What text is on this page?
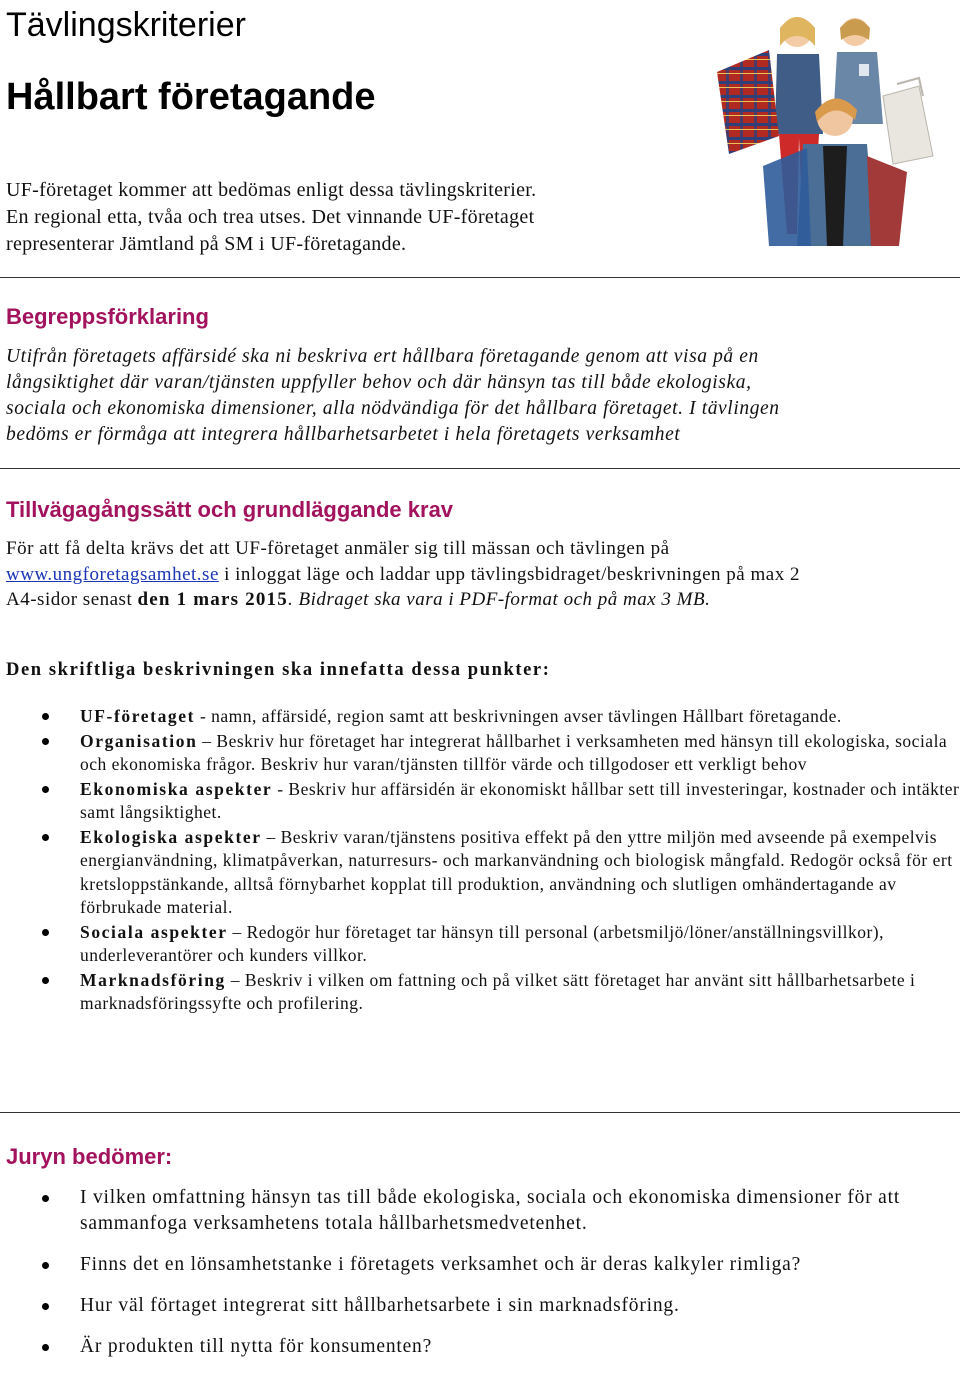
Tävlingskriterier
Hållbart företagande
UF-företaget kommer att bedömas enligt dessa tävlingskriterier.
En regional etta, tvåa och trea utses. Det vinnande UF-företaget
representerar Jämtland på SM i UF-företagande.
Begreppsförklaring
Utifrån företagets affärsidé ska ni beskriva ert hållbara företagande genom att visa på en
långsiktighet där varan/tjänsten uppfyller behov och där hänsyn tas till både ekologiska,
sociala och ekonomiska dimensioner, alla nödvändiga för det hållbara företaget. I tävlingen
bedöms er förmåga att integrera hållbarhetsarbetet i hela företagets verksamhet
Tillvägagångssätt och grundläggande krav
För att få delta krävs det att UF-företaget anmäler sig till mässan och tävlingen på
www.ungforetagsamhet.se i inloggat läge och laddar upp tävlingsbidraget/beskrivningen på max 2
A4-sidor senast den 1 mars 2015. Bidraget ska vara i PDF-format och på max 3 MB.
Den skriftliga beskrivningen ska innefatta dessa punkter:
UF-företaget - namn, affärsidé, region samt att beskrivningen avser tävlingen Hållbart företagande.
Organisation – Beskriv hur företaget har integrerat hållbarhet i verksamheten med hänsyn till ekologiska, sociala och ekonomiska frågor. Beskriv hur varan/tjänsten tillför värde och tillgodoser ett verkligt behov
Ekonomiska aspekter - Beskriv hur affärsidén är ekonomiskt hållbar sett till investeringar, kostnader och intäkter samt långsiktighet.
Ekologiska aspekter – Beskriv varan/tjänstens positiva effekt på den yttre miljön med avseende på exempelvis energianvändning, klimatpåverkan, naturresurs- och markanvändning och biologisk mångfald. Redogör också för ert kretsloppstänkande, alltså förnybarhet kopplat till produktion, användning och slutligen omhändertagande av förbrukade material.
Sociala aspekter – Redogör hur företaget tar hänsyn till personal (arbetsmiljö/löner/anställningsvillkor), underleverantörer och kunders villkor.
Marknadsföring – Beskriv i vilken om fattning och på vilket sätt företaget har använt sitt hållbarhetsarbete i marknadsföringssyfte och profilering.
Juryn bedömer:
I vilken omfattning hänsyn tas till både ekologiska, sociala och ekonomiska dimensioner för att sammanfoga verksamhetens totala hållbarhetsmedvetenhet.
Finns det en lönsamhetstanke i företagets verksamhet och är deras kalkyler rimliga?
Hur väl förtaget integrerat sitt hållbarhetsarbete i sin marknadsföring.
Är produkten till nytta för konsumenten?
